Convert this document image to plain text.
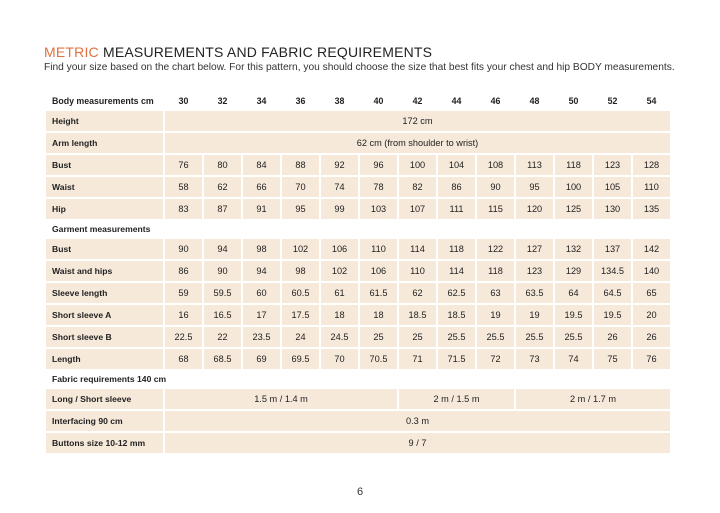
METRIC MEASUREMENTS AND FABRIC REQUIREMENTS
Find your size based on the chart below. For this pattern, you should choose the size that best fits your chest and hip BODY measurements.
Body measurements cm	30	32	34	36	38	40	42	44	46	48	50	52	54
Height	172 cm												
Arm length	62 cm (from shoulder to wrist)												
Bust	76	80	84	88	92	96	100	104	108	113	118	123	128
Waist	58	62	66	70	74	78	82	86	90	95	100	105	110
Hip	83	87	91	95	99	103	107	111	115	120	125	130	135
Garment measurements													
Bust	90	94	98	102	106	110	114	118	122	127	132	137	142
Waist and hips	86	90	94	98	102	106	110	114	118	123	129	134.5	140
Sleeve length	59	59.5	60	60.5	61	61.5	62	62.5	63	63.5	64	64.5	65
Short sleeve A	16	16.5	17	17.5	18	18	18.5	18.5	19	19	19.5	19.5	20
Short sleeve B	22.5	22	23.5	24	24.5	25	25	25.5	25.5	25.5	25.5	26	26
Length	68	68.5	69	69.5	70	70.5	71	71.5	72	73	74	75	76
Fabric requirements 140 cm													
Long / Short sleeve	1.5 m / 1.4 m						2 m / 1.5 m			2 m / 1.7 m			
Interfacing 90 cm	0.3 m												
Buttons size 10-12 mm	9 / 7												
6
